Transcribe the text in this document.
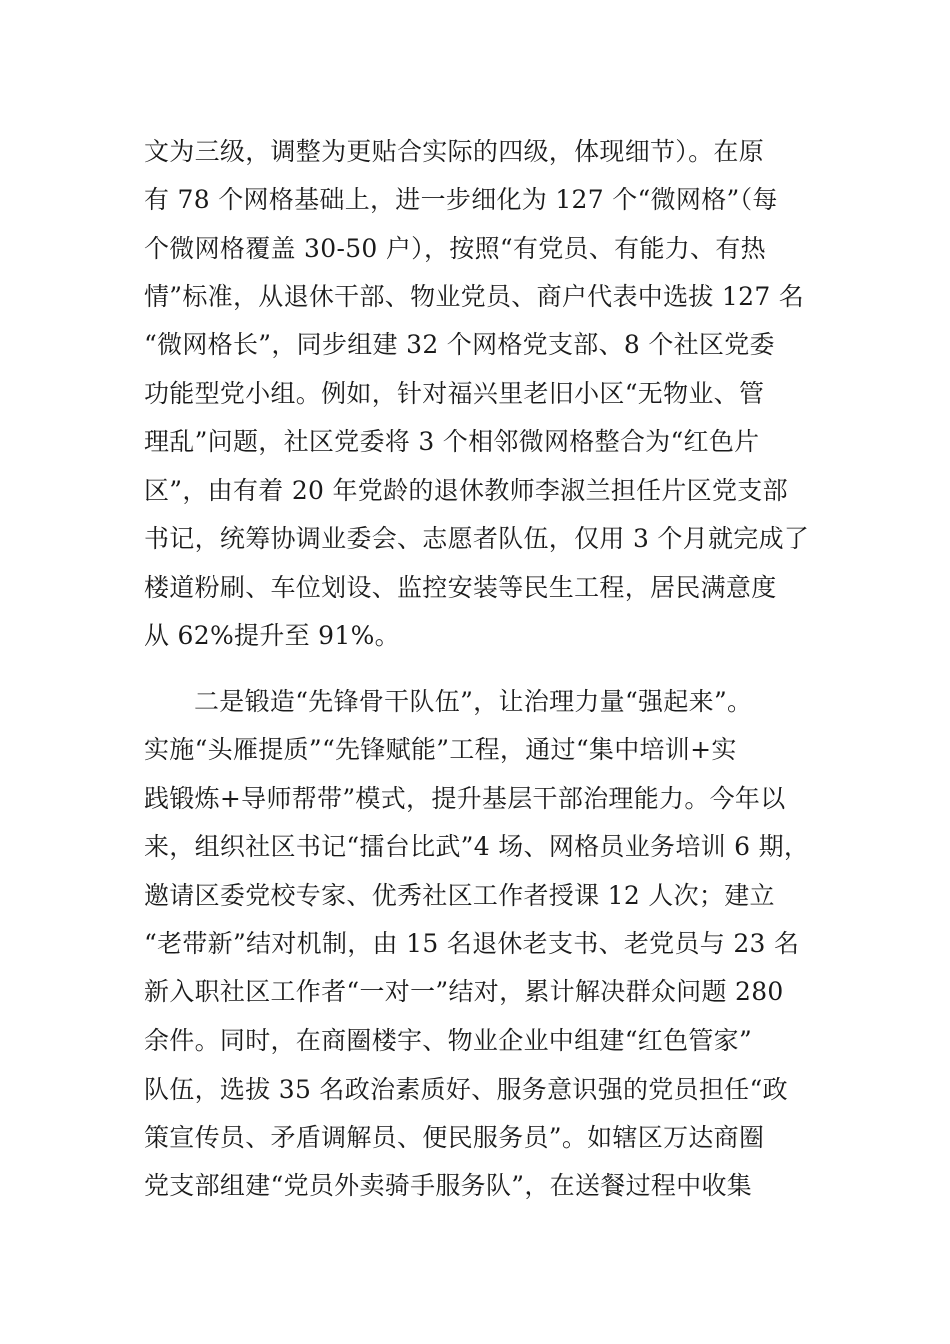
文为三级，调整为更贴合实际的四级，体现细节）。在原
有 78 个网格基础上，进一步细化为 127 个“微网格”（每
个微网格覆盖 30-50 户），按照“有党员、有能力、有热
情”标准，从退休干部、物业党员、商户代表中选拔 127 名
“微网格长”，同步组建 32 个网格党支部、8 个社区党委
功能型党小组。例如，针对福兴里老旧小区“无物业、管
理乱”问题，社区党委将 3 个相邻微网格整合为“红色片
区”，由有着 20 年党龄的退休教师李淑兰担任片区党支部
书记，统筹协调业委会、志愿者队伍，仅用 3 个月就完成了
楼道粉刷、车位划设、监控安装等民生工程，居民满意度
从 62%提升至 91%。
二是锻造“先锋骨干队伍”，让治理力量“强起来”。
实施“头雁提质”“先锋赋能”工程，通过“集中培训+实
践锻炼+导师帮带”模式，提升基层干部治理能力。今年以
来，组织社区书记“擂台比武”4 场、网格员业务培训 6 期，
邀请区委党校专家、优秀社区工作者授课 12 人次；建立
“老带新”结对机制，由 15 名退休老支书、老党员与 23 名
新入职社区工作者“一对一”结对，累计解决群众问题 280
余件。同时，在商圈楼宇、物业企业中组建“红色管家”
队伍，选拔 35 名政治素质好、服务意识强的党员担任“政
策宣传员、矛盾调解员、便民服务员”。如辖区万达商圈
党支部组建“党员外卖骑手服务队”，在送餐过程中收集
